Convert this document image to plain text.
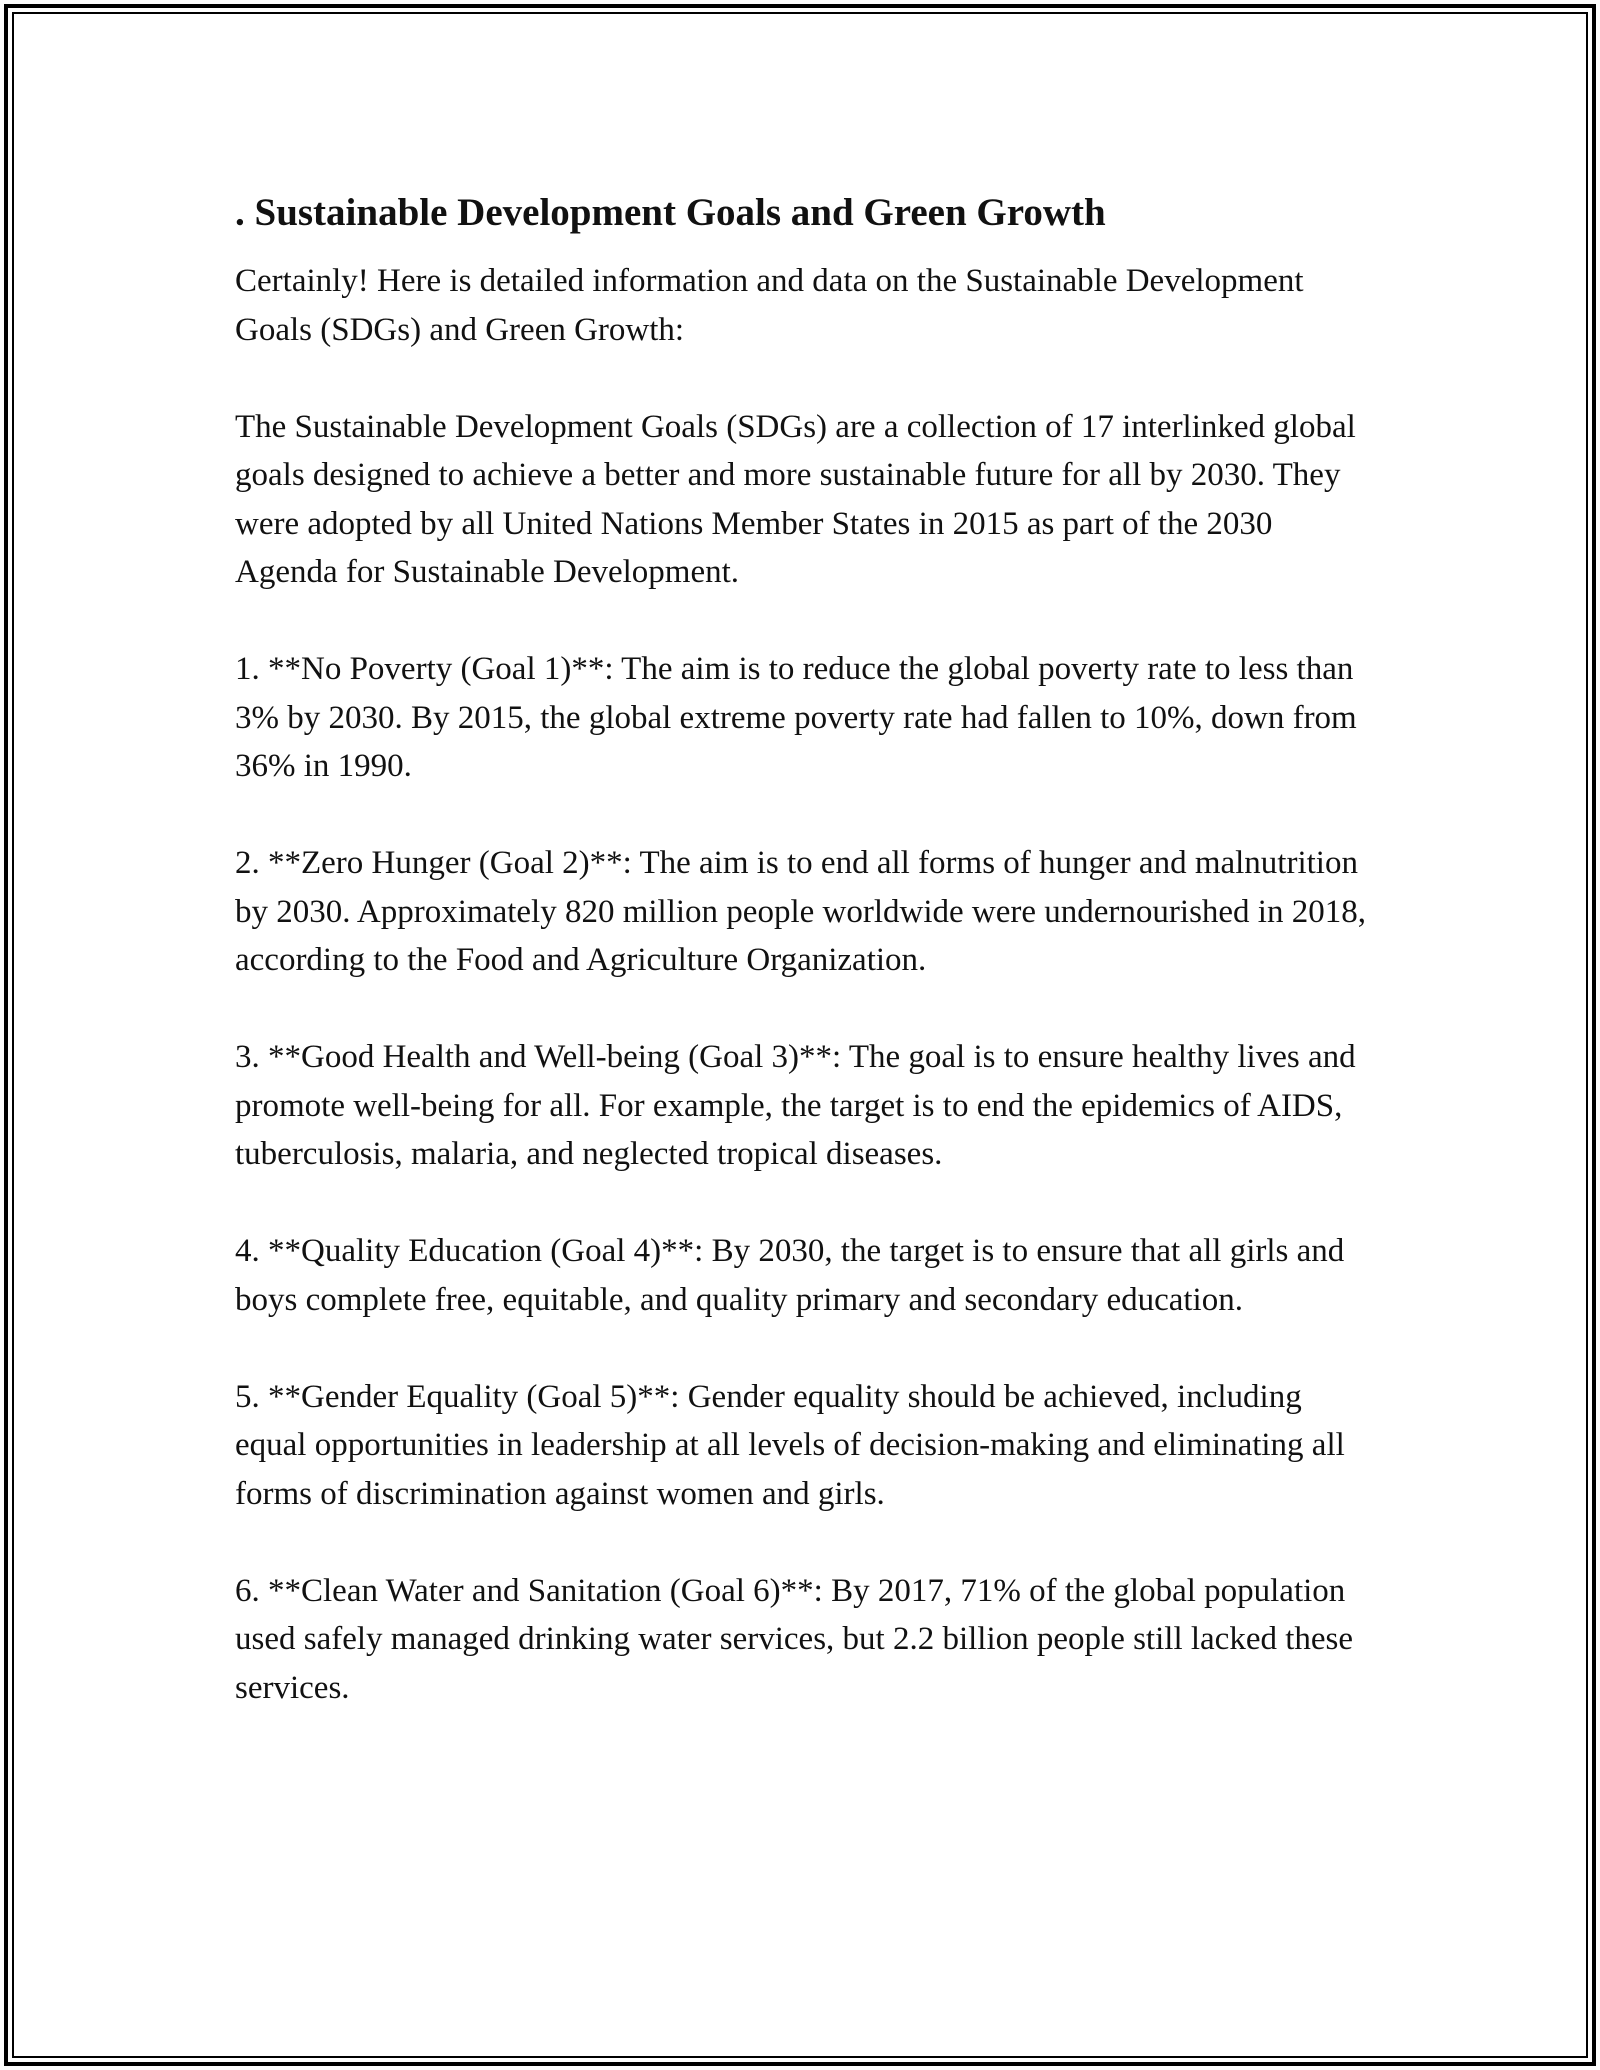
. Sustainable Development Goals and Green Growth

Certainly! Here is detailed information and data on the Sustainable Development Goals (SDGs) and Green Growth:

The Sustainable Development Goals (SDGs) are a collection of 17 interlinked global goals designed to achieve a better and more sustainable future for all by 2030. They were adopted by all United Nations Member States in 2015 as part of the 2030 Agenda for Sustainable Development.

1. **No Poverty (Goal 1)**: The aim is to reduce the global poverty rate to less than 3% by 2030. By 2015, the global extreme poverty rate had fallen to 10%, down from 36% in 1990.

2. **Zero Hunger (Goal 2)**: The aim is to end all forms of hunger and malnutrition by 2030. Approximately 820 million people worldwide were undernourished in 2018, according to the Food and Agriculture Organization.

3. **Good Health and Well-being (Goal 3)**: The goal is to ensure healthy lives and promote well-being for all. For example, the target is to end the epidemics of AIDS, tuberculosis, malaria, and neglected tropical diseases.

4. **Quality Education (Goal 4)**: By 2030, the target is to ensure that all girls and boys complete free, equitable, and quality primary and secondary education.

5. **Gender Equality (Goal 5)**: Gender equality should be achieved, including equal opportunities in leadership at all levels of decision-making and eliminating all forms of discrimination against women and girls.

6. **Clean Water and Sanitation (Goal 6)**: By 2017, 71% of the global population used safely managed drinking water services, but 2.2 billion people still lacked these services.
